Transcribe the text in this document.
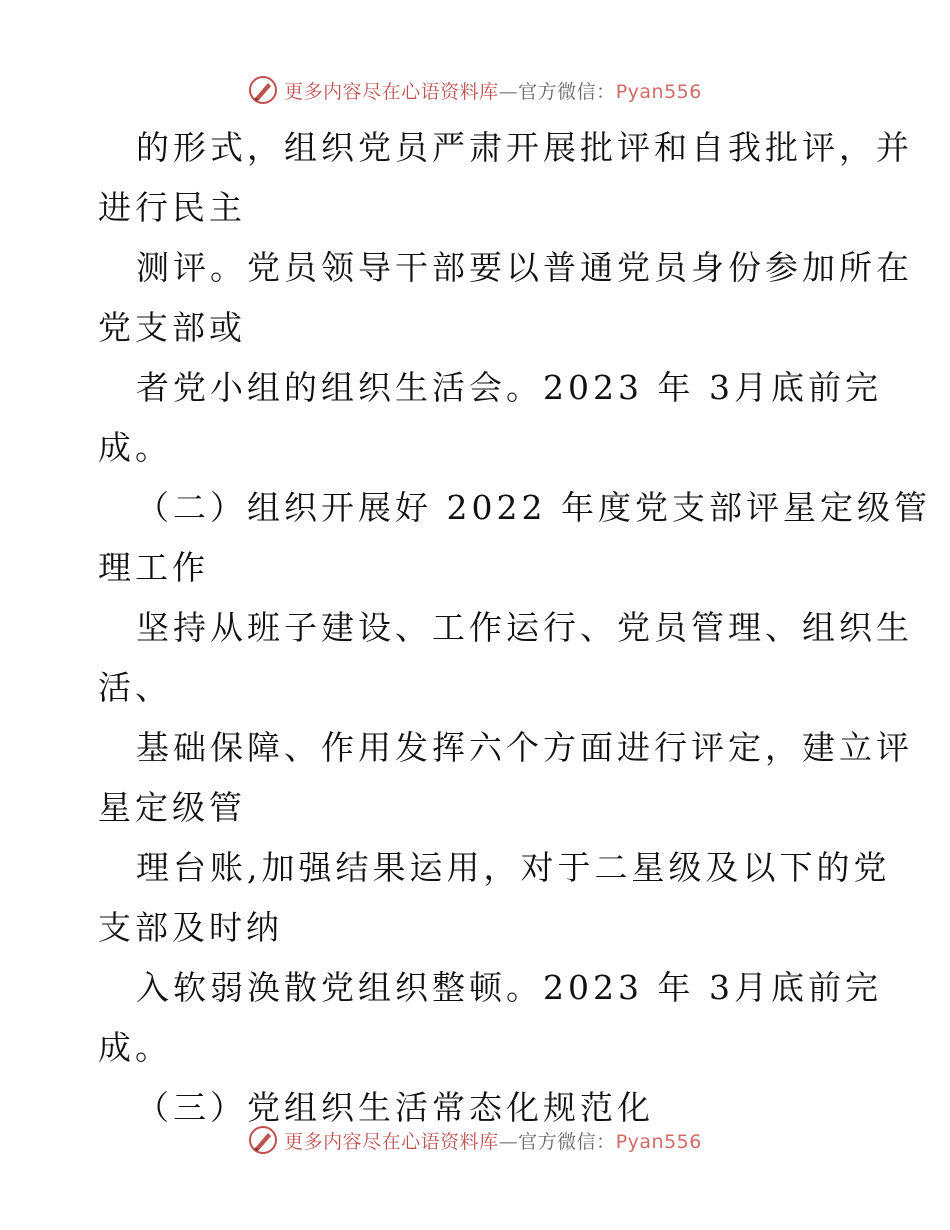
更多内容尽在心语资料库—官方微信：Pyan556
的形式，组织党员严肃开展批评和自我批评，并
进行民主
测评。党员领导干部要以普通党员身份参加所在
党支部或
者党小组的组织生活会。2023 年 3月底前完
成。
（二）组织开展好 2022 年度党支部评星定级管
理工作
坚持从班子建设、工作运行、党员管理、组织生
活、
基础保障、作用发挥六个方面进行评定，建立评
星定级管
理台账,加强结果运用，对于二星级及以下的党
支部及时纳
入软弱涣散党组织整顿。2023 年 3月底前完
成。
（三）党组织生活常态化规范化
更多内容尽在心语资料库—官方微信：Pyan556
